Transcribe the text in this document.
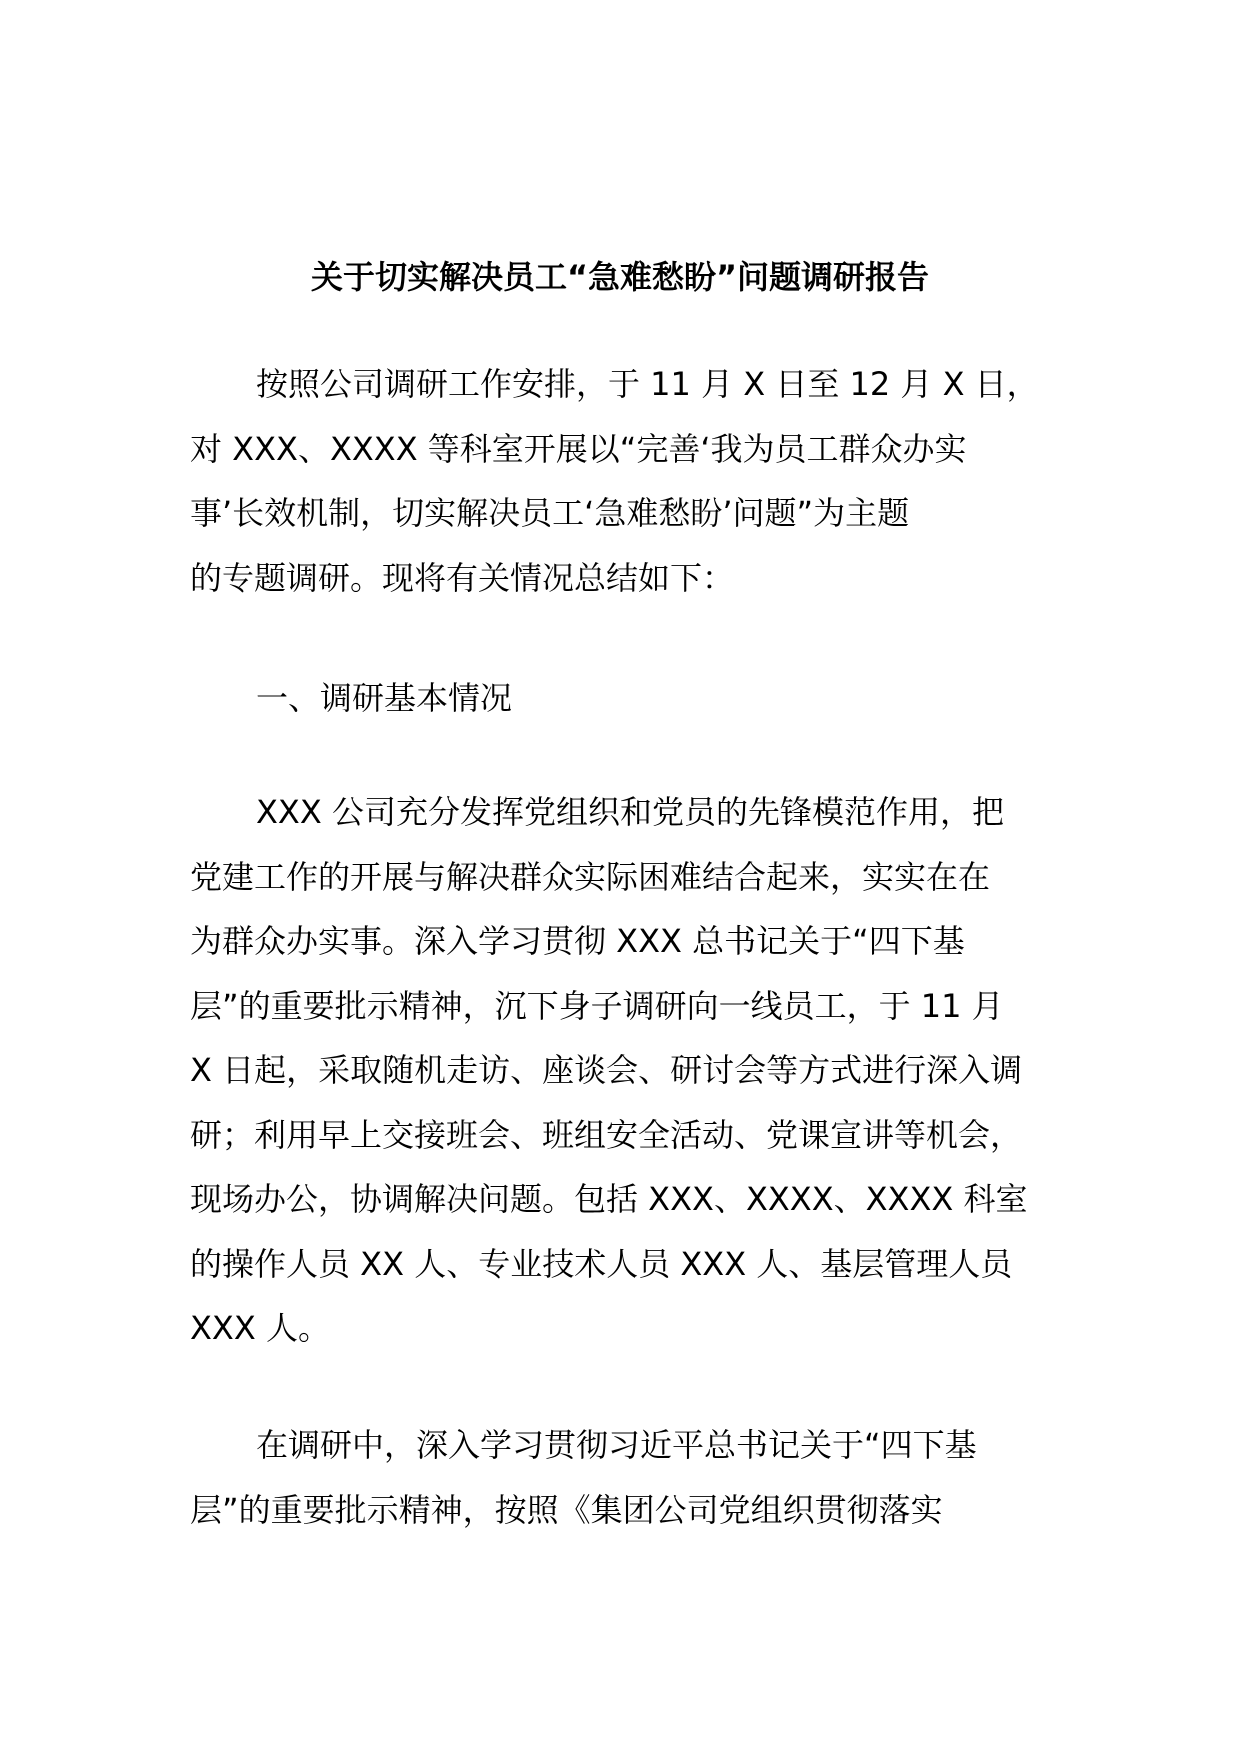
关于切实解决员工“急难愁盼”问题调研报告
按照公司调研工作安排，于 11 月 X 日至 12 月 X 日，
对 XXX、XXXX 等科室开展以“完善‘我为员工群众办实
事’长效机制，切实解决员工‘急难愁盼’问题”为主题
的专题调研。现将有关情况总结如下：
一、调研基本情况
XXX 公司充分发挥党组织和党员的先锋模范作用，把
党建工作的开展与解决群众实际困难结合起来，实实在在
为群众办实事。深入学习贯彻 XXX 总书记关于“四下基
层”的重要批示精神，沉下身子调研向一线员工，于 11 月
X 日起，采取随机走访、座谈会、研讨会等方式进行深入调
研；利用早上交接班会、班组安全活动、党课宣讲等机会，
现场办公，协调解决问题。包括 XXX、XXXX、XXXX 科室
的操作人员 XX 人、专业技术人员 XXX 人、基层管理人员
XXX 人。
在调研中，深入学习贯彻习近平总书记关于“四下基
层”的重要批示精神，按照《集团公司党组织贯彻落实
